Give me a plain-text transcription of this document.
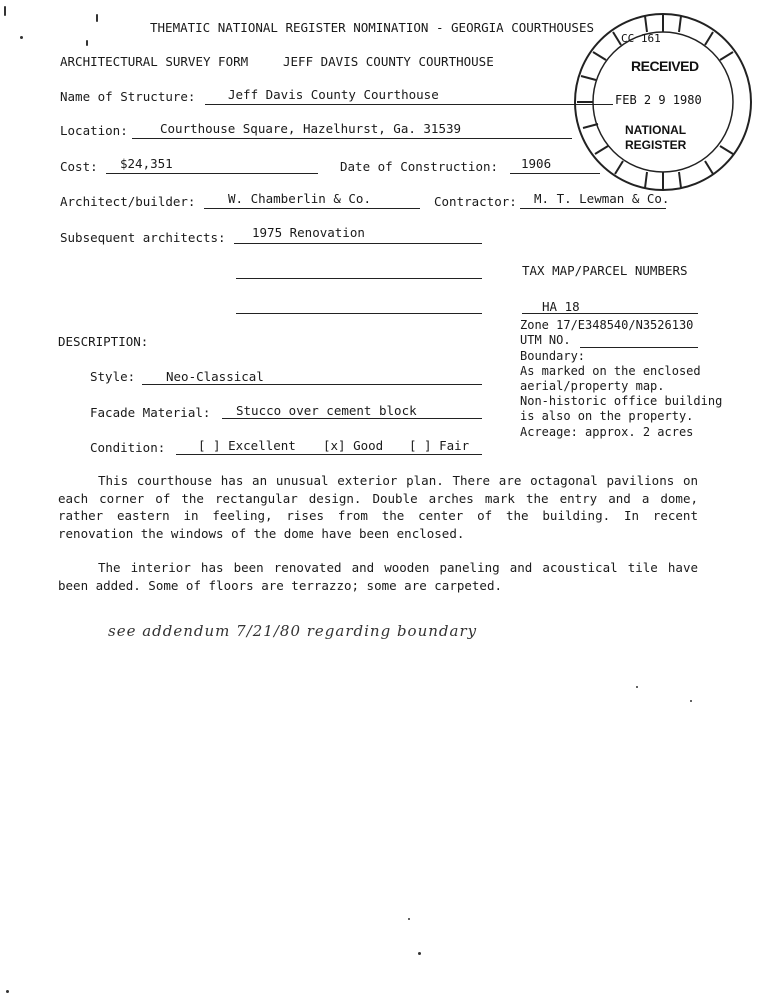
THEMATIC NATIONAL REGISTER NOMINATION - GEORGIA COURTHOUSES
ARCHITECTURAL SURVEY FORM	JEFF DAVIS COUNTY COURTHOUSE
CC 161
RECEIVED
FEB 2 9 1980
NATIONAL
REGISTER
Name of Structure:	Jeff Davis County Courthouse
Location:	Courthouse Square, Hazelhurst, Ga. 31539
Cost: $24,351	Date of Construction: 1906
Architect/builder:	W. Chamberlin & Co.	Contractor: M. T. Lewman & Co.
Subsequent architects: 1975 Renovation
TAX MAP/PARCEL NUMBERS
HA 18
Zone 17/E348540/N3526130
UTM NO.
Boundary:
As marked on the enclosed
aerial/property map.
Non-historic office building
is also on the property.
Acreage: approx. 2 acres
DESCRIPTION:
Style: Neo-Classical
Facade Material: Stucco over cement block
Condition:	[ ] Excellent [x] Good [ ] Fair
This courthouse has an unusual exterior plan. There are octagonal pavilions on each corner of the rectangular design. Double arches mark the entry and a dome, rather eastern in feeling, rises from the center of the building. In recent renovation the windows of the dome have been enclosed.
The interior has been renovated and wooden paneling and acoustical tile have been added. Some of floors are terrazzo; some are carpeted.
see addendum 7/21/80 regarding boundary
